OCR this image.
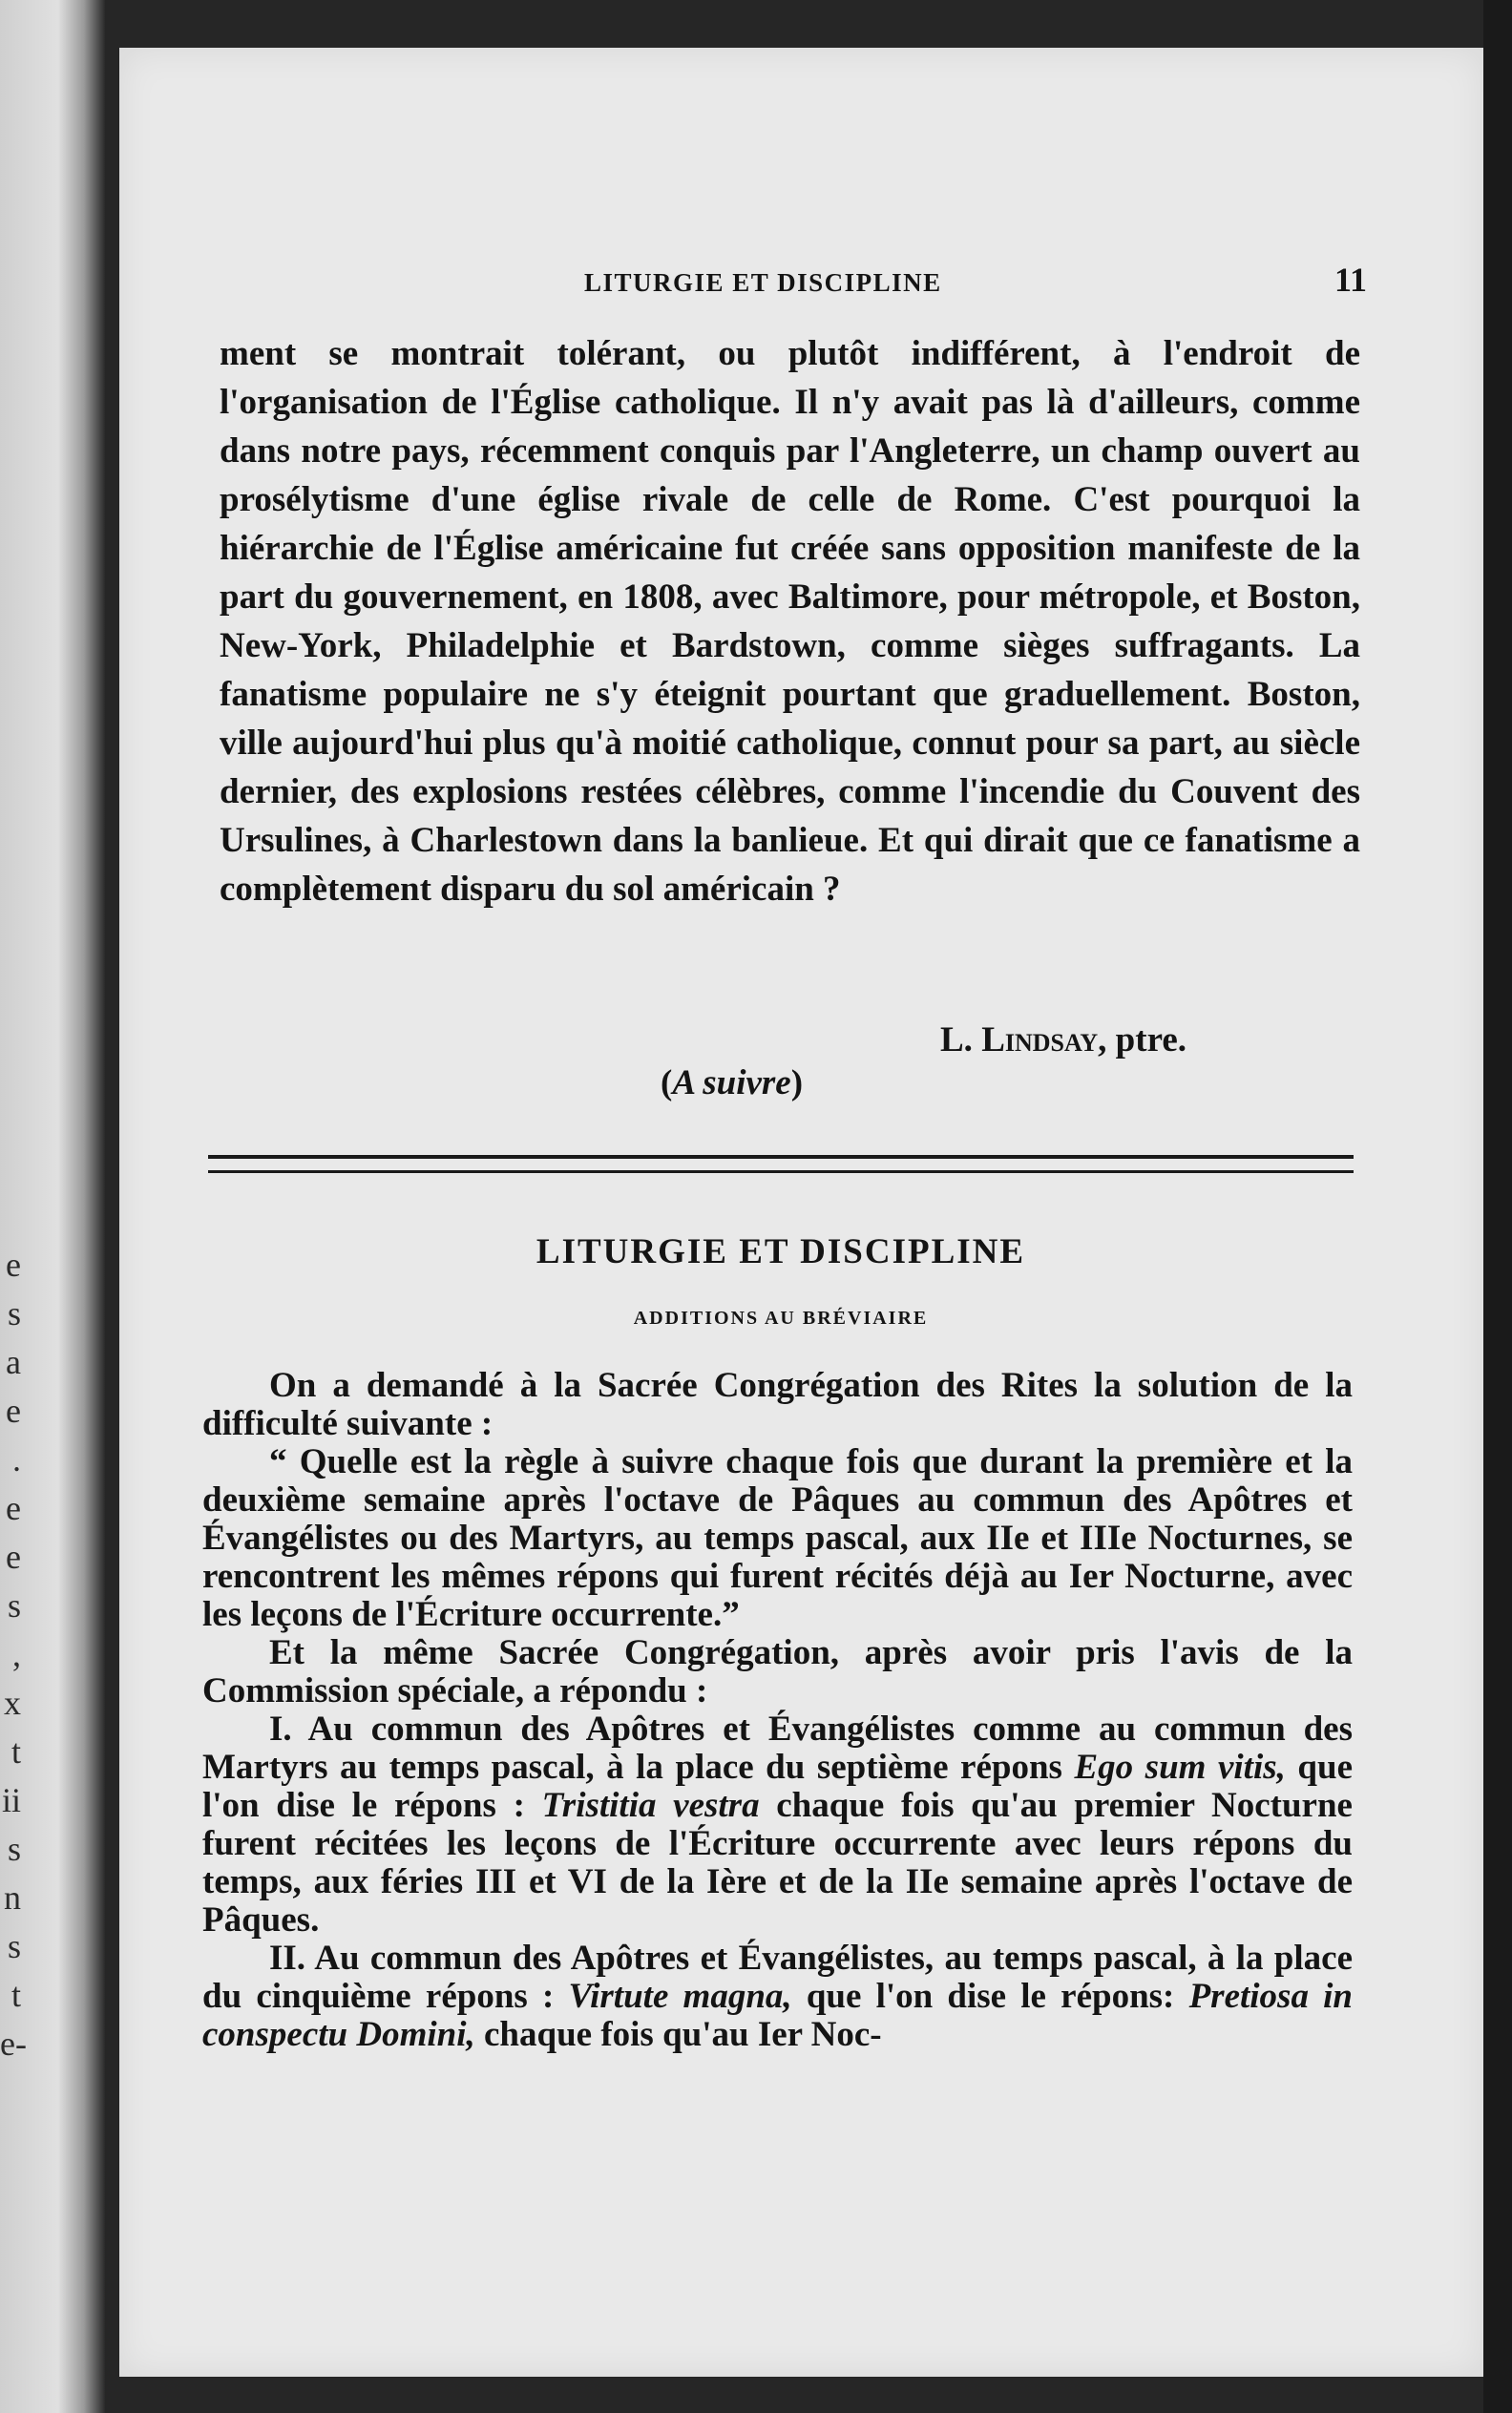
e
s
a
e
.
e
e
s
,
x
t
ii
s
n
s
t
e-
LITURGIE ET DISCIPLINE	11

ment se montrait tolérant, ou plutôt indifférent, à l'endroit de l'organisation de l'Église catholique. Il n'y avait pas là d'ailleurs, comme dans notre pays, récemment conquis par l'Angleterre, un champ ouvert au prosélytisme d'une église rivale de celle de Rome. C'est pourquoi la hiérarchie de l'Église américaine fut créée sans opposition manifeste de la part du gouvernement, en 1808, avec Baltimore, pour métropole, et Boston, New-York, Philadelphie et Bardstown, comme sièges suffragants. La fanatisme populaire ne s'y éteignit pourtant que graduellement. Boston, ville aujourd'hui plus qu'à moitié catholique, connut pour sa part, au siècle dernier, des explosions restées célèbres, comme l'incendie du Couvent des Ursulines, à Charlestown dans la banlieue. Et qui dirait que ce fanatisme a complètement disparu du sol américain ?

L. Lindsay, ptre.
(A suivre)
LITURGIE ET DISCIPLINE
ADDITIONS AU BRÉVIAIRE

On a demandé à la Sacrée Congrégation des Rites la solution de la difficulté suivante :

“ Quelle est la règle à suivre chaque fois que durant la première et la deuxième semaine après l'octave de Pâques au commun des Apôtres et Évangélistes ou des Martyrs, au temps pascal, aux IIe et IIIe Nocturnes, se rencontrent les mêmes répons qui furent récités déjà au Ier Nocturne, avec les leçons de l'Écriture occurrente.”

Et la même Sacrée Congrégation, après avoir pris l'avis de la Commission spéciale, a répondu :

I. Au commun des Apôtres et Évangélistes comme au commun des Martyrs au temps pascal, à la place du septième répons Ego sum vitis, que l'on dise le répons : Tristitia vestra chaque fois qu'au premier Nocturne furent récitées les leçons de l'Écriture occurrente avec leurs répons du temps, aux féries III et VI de la Ière et de la IIe semaine après l'octave de Pâques.

II. Au commun des Apôtres et Évangélistes, au temps pascal, à la place du cinquième répons : Virtute magna, que l'on dise le répons: Pretiosa in conspectu Domini, chaque fois qu'au Ier Noc-
